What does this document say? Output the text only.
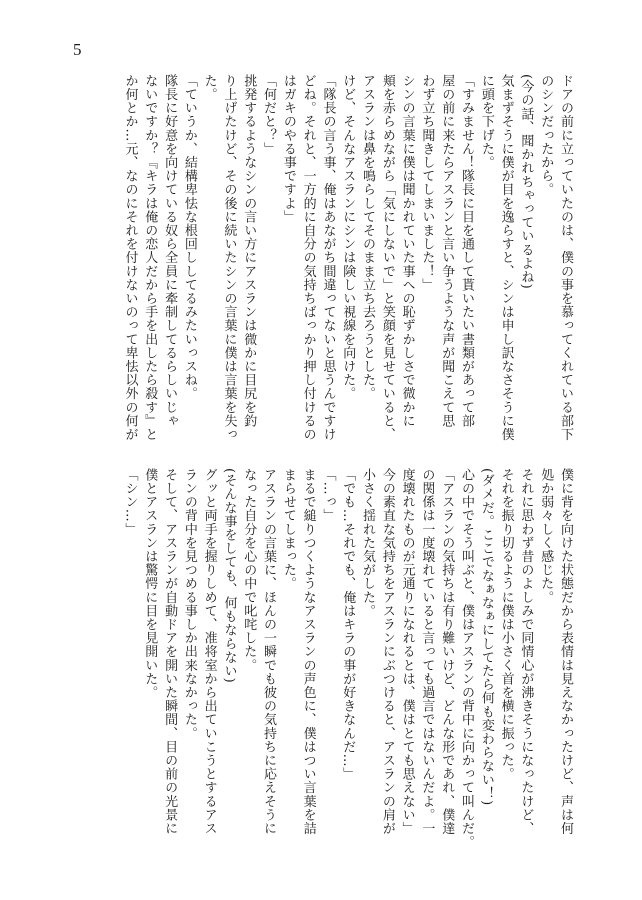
5
ドアの前に立っていたのは、僕の事を慕ってくれている部下
のシンだったから。
(今の話、聞かれちゃっているよね)
気まずそうに僕が目を逸らすと、シンは申し訳なさそうに僕
に頭を下げた。
「すみません！隊長に目を通して貰いたい書類があって部
屋の前に来たらアスランと言い争うような声が聞こえて思
わず立ち聞きしてしまいました！」
シンの言葉に僕は聞かれていた事への恥ずかしさで微かに
頬を赤らめながら「気にしないで」と笑顔を見せていると、
アスランは鼻を鳴らしてそのまま立ち去ろうとした。
けど、そんなアスランにシンは険しい視線を向けた。
「隊長の言う事、俺はあながち間違ってないと思うんですけ
どね。それと、一方的に自分の気持ちばっかり押し付けるの
はガキのやる事ですよ」
「何だと？」
挑発するようなシンの言い方にアスランは微かに目尻を釣
り上げたけど、その後に続いたシンの言葉に僕は言葉を失っ
た。
「ていうか、結構卑怯な根回ししてるみたいっスね。
隊長に好意を向けている奴ら全員に牽制してるらしいじゃ
ないですか？『キラは俺の恋人だから手を出したら殺す』と
か何とか…元、なのにそれを付けないのって卑怯以外の何が
僕に背を向けた状態だから表情は見えなかったけど、声は何
処か弱々しく感じた。
それに思わず昔のよしみで同情心が沸きそうになったけど、
それを振り切るように僕は小さく首を横に振った。
(ダメだ。ここでなぁなぁにしてたら何も変わらない！)
心の中でそう叫ぶと、僕はアスランの背中に向かって叫んだ。
「アスランの気持ちは有り難いけど、どんな形であれ、僕達
の関係は一度壊れていると言っても過言ではないんだよ。一
度壊れたものが元通りになれるとは、僕はとても思えない」
今の素直な気持ちをアスランにぶつけると、アスランの肩が
小さく揺れた気がした。
「でも…それでも、俺はキラの事が好きなんだ…」
「…っ」
まるで縋りつくようなアスランの声色に、僕はつい言葉を詰
まらせてしまった。
アスランの言葉に、ほんの一瞬でも彼の気持ちに応えそうに
なった自分を心の中で叱咤した。
(そんな事をしても、何もならない)
グッと両手を握りしめて、准将室から出ていこうとするアス
ランの背中を見つめる事しか出来なかった。
そして、アスランが自動ドアを開いた瞬間、目の前の光景に
僕とアスランは驚愕に目を見開いた。
「シン…」
